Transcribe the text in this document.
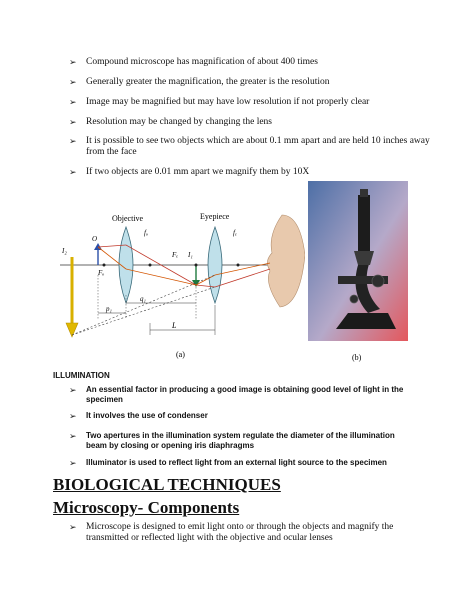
➢ Compound microscope has magnification of about 400 times
➢ Generally greater the magnification, the greater is the resolution
➢ Image may be magnified but may have low resolution if not properly clear
➢ Resolution may be changed by changing the lens
➢ It is possible to see two objects which are about 0.1 mm apart and are held 10 inches away from the face
➢ If two objects are 0.01 mm apart we magnify them by 10X
Objective	Eyepiece
fₒ	fₑ
I₂
O
Fₒ
Fₑ I₁
p₁
q₁
L
(a)	(b)
ILLUMINATION
➢ An essential factor in producing a good image is obtaining good level of light in the specimen
➢ It involves the use of condenser
➢ Two apertures in the illumination system regulate the diameter of the illumination beam by closing or opening iris diaphragms
➢ Illuminator is used to reflect light from an external light source to the specimen
BIOLOGICAL TECHNIQUES
Microscopy- Components
➢ Microscope is designed to emit light onto or through the objects and magnify the transmitted or reflected light with the objective and ocular lenses
